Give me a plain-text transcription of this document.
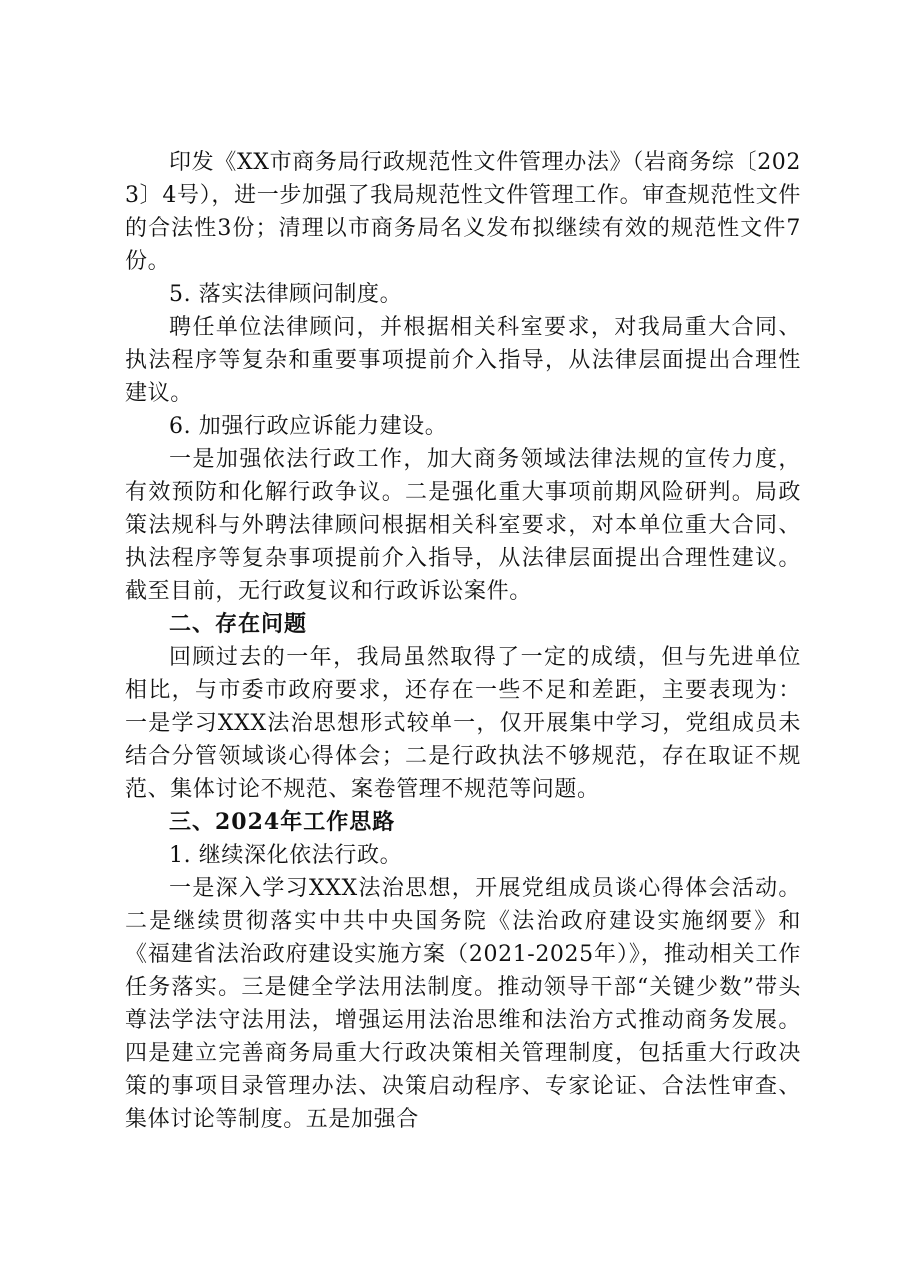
印发《XX市商务局行政规范性文件管理办法》（岩商务综〔2023〕4号），进一步加强了我局规范性文件管理工作。审查规范性文件的合法性3份；清理以市商务局名义发布拟继续有效的规范性文件7份。

5. 落实法律顾问制度。

聘任单位法律顾问，并根据相关科室要求，对我局重大合同、执法程序等复杂和重要事项提前介入指导，从法律层面提出合理性建议。

6. 加强行政应诉能力建设。

一是加强依法行政工作，加大商务领域法律法规的宣传力度，有效预防和化解行政争议。二是强化重大事项前期风险研判。局政策法规科与外聘法律顾问根据相关科室要求，对本单位重大合同、执法程序等复杂事项提前介入指导，从法律层面提出合理性建议。截至目前，无行政复议和行政诉讼案件。

二、存在问题

回顾过去的一年，我局虽然取得了一定的成绩，但与先进单位相比，与市委市政府要求，还存在一些不足和差距，主要表现为：一是学习XXX法治思想形式较单一，仅开展集中学习，党组成员未结合分管领域谈心得体会；二是行政执法不够规范，存在取证不规范、集体讨论不规范、案卷管理不规范等问题。

三、2024年工作思路

1. 继续深化依法行政。

一是深入学习XXX法治思想，开展党组成员谈心得体会活动。二是继续贯彻落实中共中央国务院《法治政府建设实施纲要》和《福建省法治政府建设实施方案（2021-2025年）》，推动相关工作任务落实。三是健全学法用法制度。推动领导干部“关键少数”带头尊法学法守法用法，增强运用法治思维和法治方式推动商务发展。四是建立完善商务局重大行政决策相关管理制度，包括重大行政决策的事项目录管理办法、决策启动程序、专家论证、合法性审查、集体讨论等制度。五是加强合
